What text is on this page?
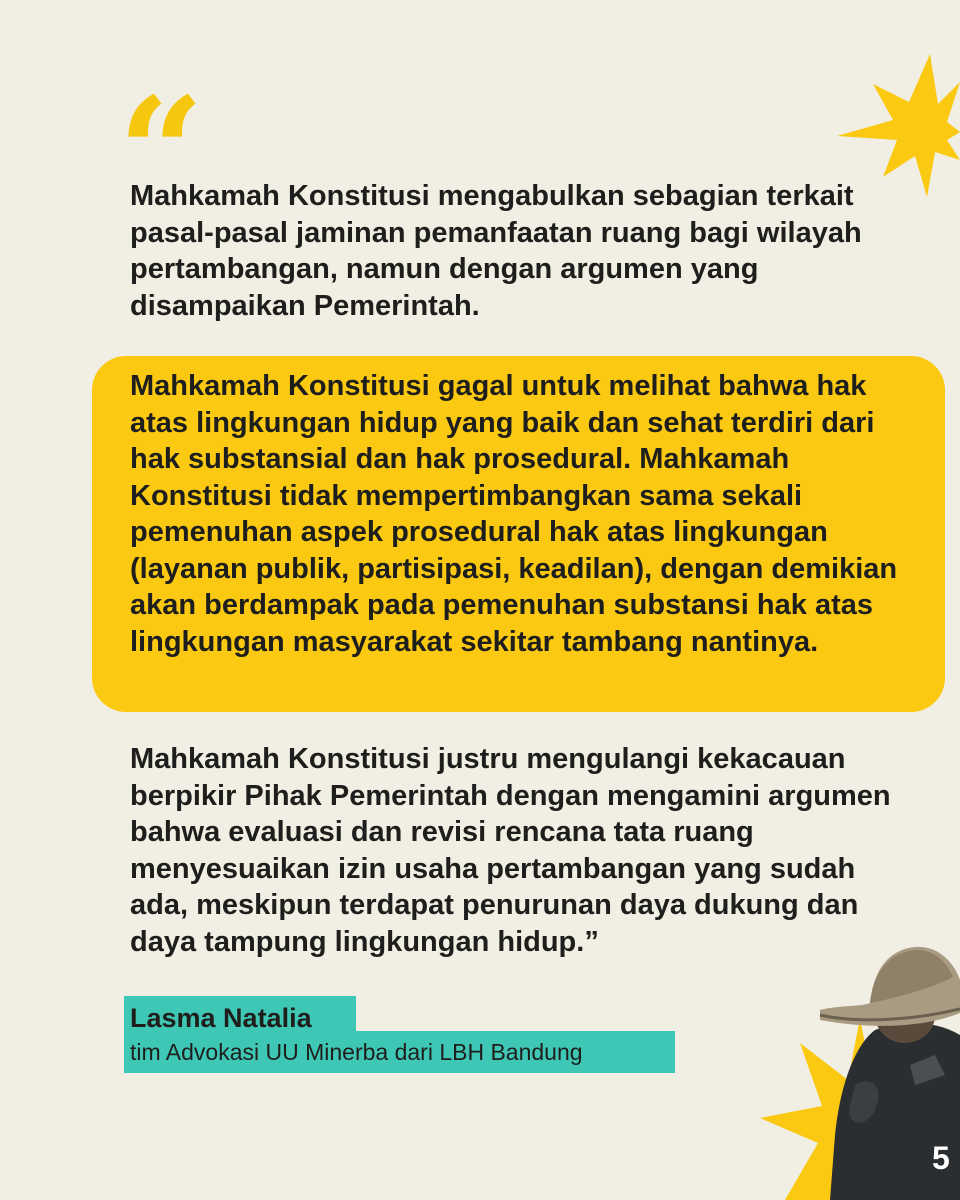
“

Mahkamah Konstitusi mengabulkan sebagian terkait pasal-pasal jaminan pemanfaatan ruang bagi wilayah pertambangan, namun dengan argumen yang disampaikan Pemerintah.

Mahkamah Konstitusi gagal untuk melihat bahwa hak atas lingkungan hidup yang baik dan sehat terdiri dari hak substansial dan hak prosedural. Mahkamah Konstitusi tidak mempertimbangkan sama sekali pemenuhan aspek prosedural hak atas lingkungan (layanan publik, partisipasi, keadilan), dengan demikian akan berdampak pada pemenuhan substansi hak atas lingkungan masyarakat sekitar tambang nantinya.

Mahkamah Konstitusi justru mengulangi kekacauan berpikir Pihak Pemerintah dengan mengamini argumen bahwa evaluasi dan revisi rencana tata ruang menyesuaikan izin usaha pertambangan yang sudah ada, meskipun terdapat penurunan daya dukung dan daya tampung lingkungan hidup.”

Lasma Natalia
tim Advokasi UU Minerba dari LBH Bandung
5
